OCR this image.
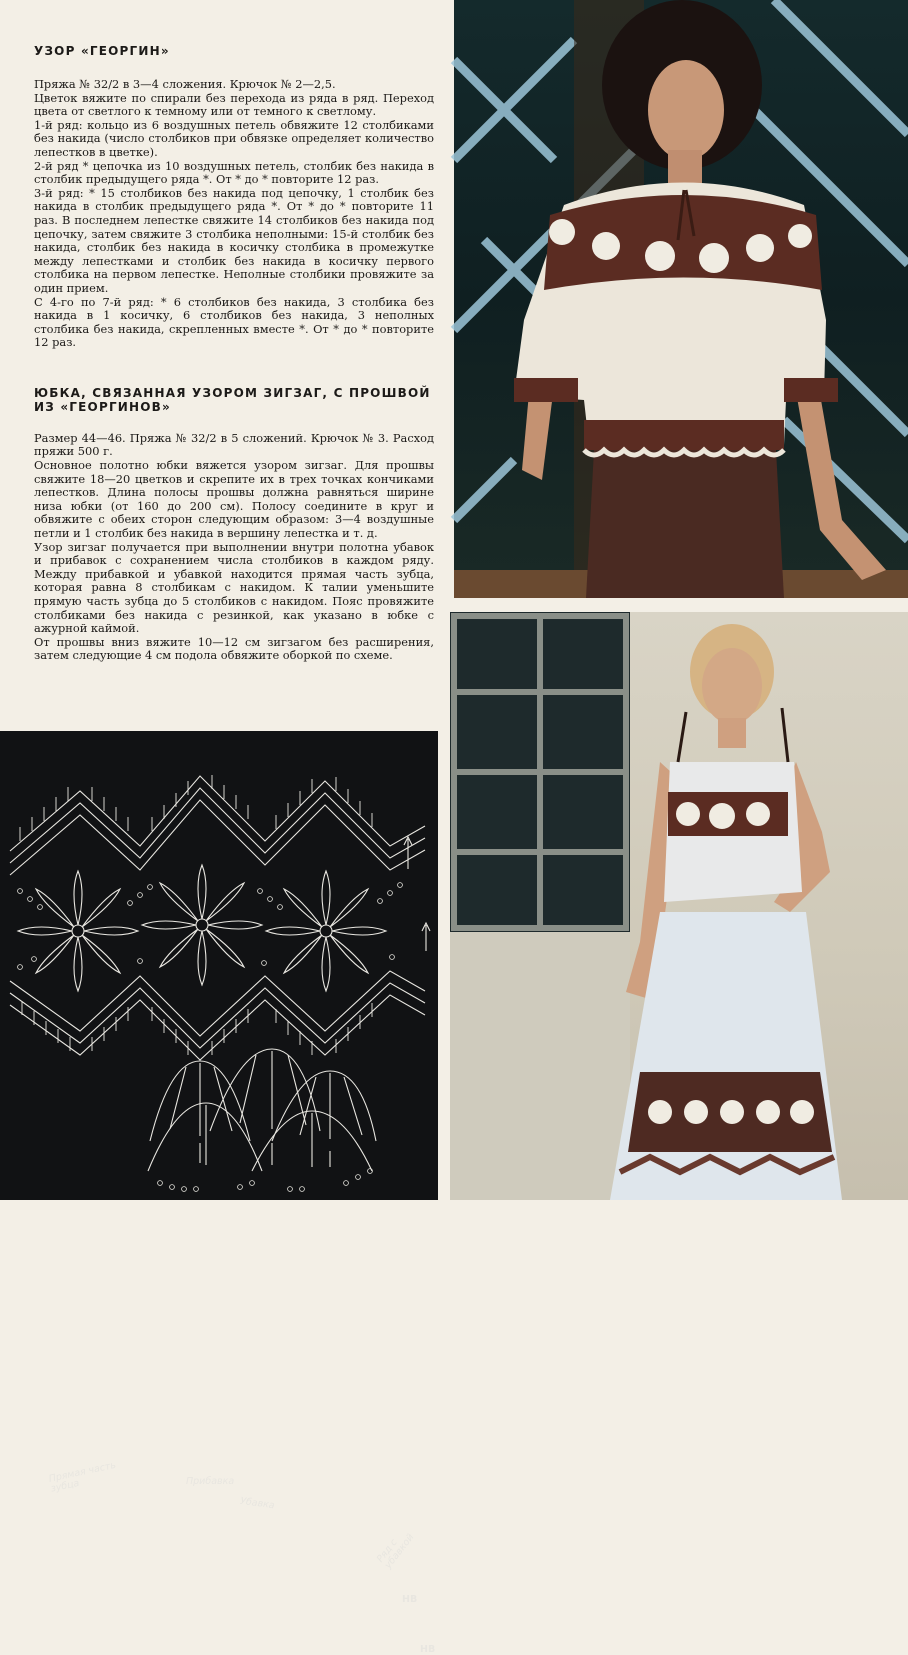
УЗОР «ГЕОРГИН»

Пряжа № 32/2 в 3—4 сложения. Крючок № 2—2,5.

Цветок вяжите по спирали без перехода из ряда в ряд. Переход цвета от светлого к темному или от темного к светлому.

1-й ряд: кольцо из 6 воздушных петель обвяжите 12 столбиками без накида (число столбиков при обвязке определяет количество лепестков в цветке).

2-й ряд * цепочка из 10 воздушных петель, столбик без накида в столбик предыдущего ряда *. От * до * повторите 12 раз.

3-й ряд: * 15 столбиков без накида под цепочку, 1 столбик без накида в столбик предыдущего ряда *. От * до * повторите 11 раз. В последнем лепестке свяжите 14 столбиков без накида под цепочку, затем свяжите 3 столбика неполными: 15-й столбик без накида, столбик без накида в косичку столбика в промежутке между лепестками и столбик без накида в косичку первого столбика на первом лепестке. Неполные столбики провяжите за один прием.

С 4-го по 7-й ряд: * 6 столбиков без накида, 3 столбика без накида в 1 косичку, 6 столбиков без накида, 3 неполных столбика без накида, скрепленных вместе *. От * до * повторите 12 раз.

ЮБКА, СВЯЗАННАЯ УЗОРОМ ЗИГЗАГ, С ПРОШВОЙ ИЗ «ГЕОРГИНОВ»

Размер 44—46. Пряжа № 32/2 в 5 сложений. Крючок № 3. Расход пряжи 500 г.

Основное полотно юбки вяжется узором зигзаг. Для прошвы свяжите 18—20 цветков и скрепите их в трех точках кончиками лепестков. Длина полосы прошвы должна равняться ширине низа юбки (от 160 до 200 см). Полосу соедините в круг и обвяжите с обеих сторон следующим образом: 3—4 воздушные петли и 1 столбик без накида в вершину лепестка и т. д.

Узор зигзаг получается при выполнении внутри полотна убавок и прибавок с сохранением числа столбиков в каждом ряду. Между прибавкой и убавкой находится прямая часть зубца, которая равна 8 столбикам с накидом. К талии уменьшите прямую часть зубца до 5 столбиков с накидом. Пояс провяжите столбиками без накида с резинкой, как указано в юбке с ажурной каймой.

От прошвы вниз вяжите 10—12 см зигзагом без расширения, затем следующие 4 см подола обвяжите оборкой по схеме.

Прямая часть зубца	Прибавка
Убавка
Ряд с убавкой
НВ
НВ
